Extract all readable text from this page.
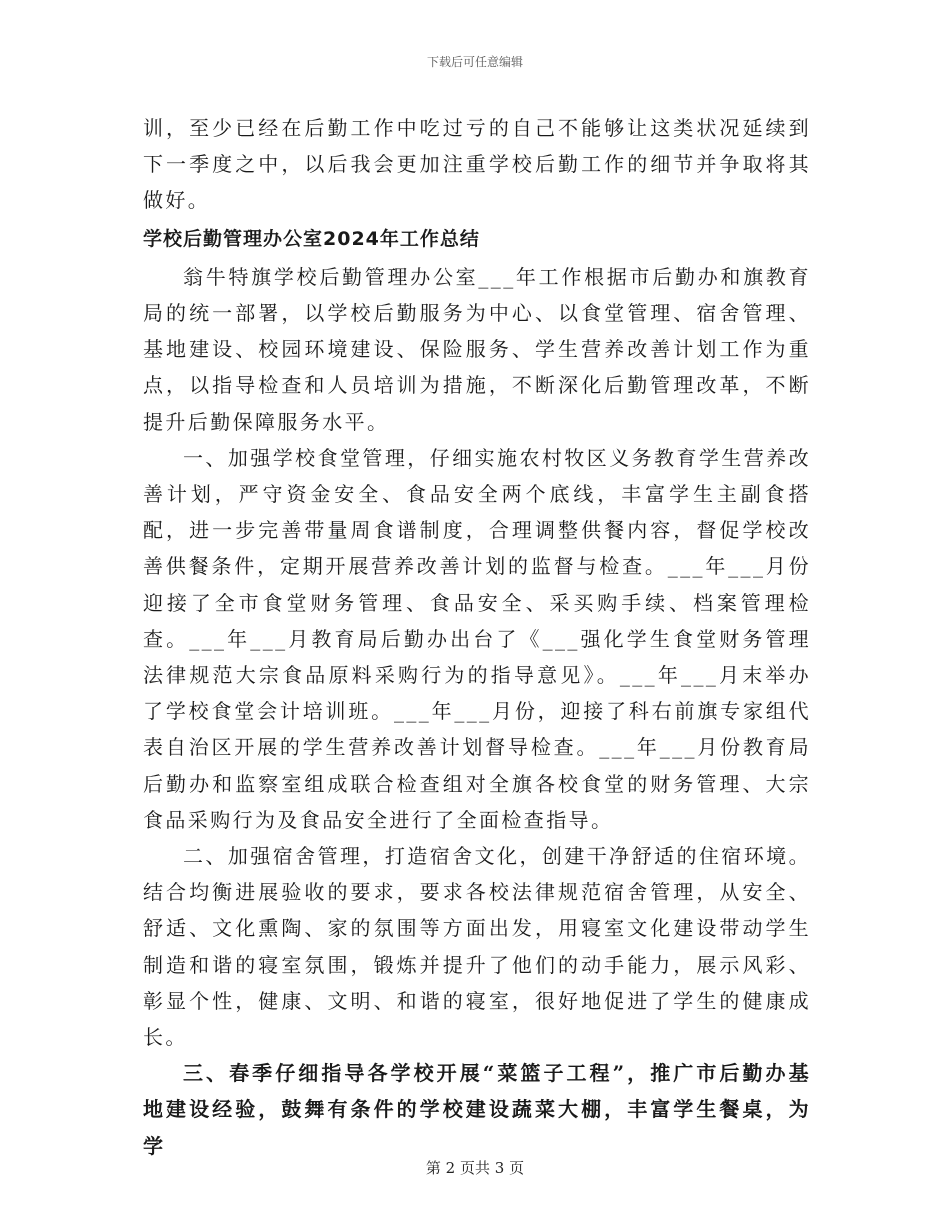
下载后可任意编辑

训，至少已经在后勤工作中吃过亏的自己不能够让这类状况延续到下一季度之中，以后我会更加注重学校后勤工作的细节并争取将其做好。

学校后勤管理办公室2024年工作总结

翁牛特旗学校后勤管理办公室___年工作根据市后勤办和旗教育局的统一部署，以学校后勤服务为中心、以食堂管理、宿舍管理、基地建设、校园环境建设、保险服务、学生营养改善计划工作为重点，以指导检查和人员培训为措施，不断深化后勤管理改革，不断提升后勤保障服务水平。

一、加强学校食堂管理，仔细实施农村牧区义务教育学生营养改善计划，严守资金安全、食品安全两个底线，丰富学生主副食搭配，进一步完善带量周食谱制度，合理调整供餐内容，督促学校改善供餐条件，定期开展营养改善计划的监督与检查。___年___月份迎接了全市食堂财务管理、食品安全、采买购手续、档案管理检查。___年___月教育局后勤办出台了《___强化学生食堂财务管理法律规范大宗食品原料采购行为的指导意见》。___年___月末举办了学校食堂会计培训班。___年___月份，迎接了科右前旗专家组代表自治区开展的学生营养改善计划督导检查。___年___月份教育局后勤办和监察室组成联合检查组对全旗各校食堂的财务管理、大宗食品采购行为及食品安全进行了全面检查指导。

二、加强宿舍管理，打造宿舍文化，创建干净舒适的住宿环境。结合均衡进展验收的要求，要求各校法律规范宿舍管理，从安全、舒适、文化熏陶、家的氛围等方面出发，用寝室文化建设带动学生制造和谐的寝室氛围，锻炼并提升了他们的动手能力，展示风彩、彰显个性，健康、文明、和谐的寝室，很好地促进了学生的健康成长。

三、春季仔细指导各学校开展“菜篮子工程”，推广市后勤办基地建设经验，鼓舞有条件的学校建设蔬菜大棚，丰富学生餐桌，为学

第 2 页共 3 页
